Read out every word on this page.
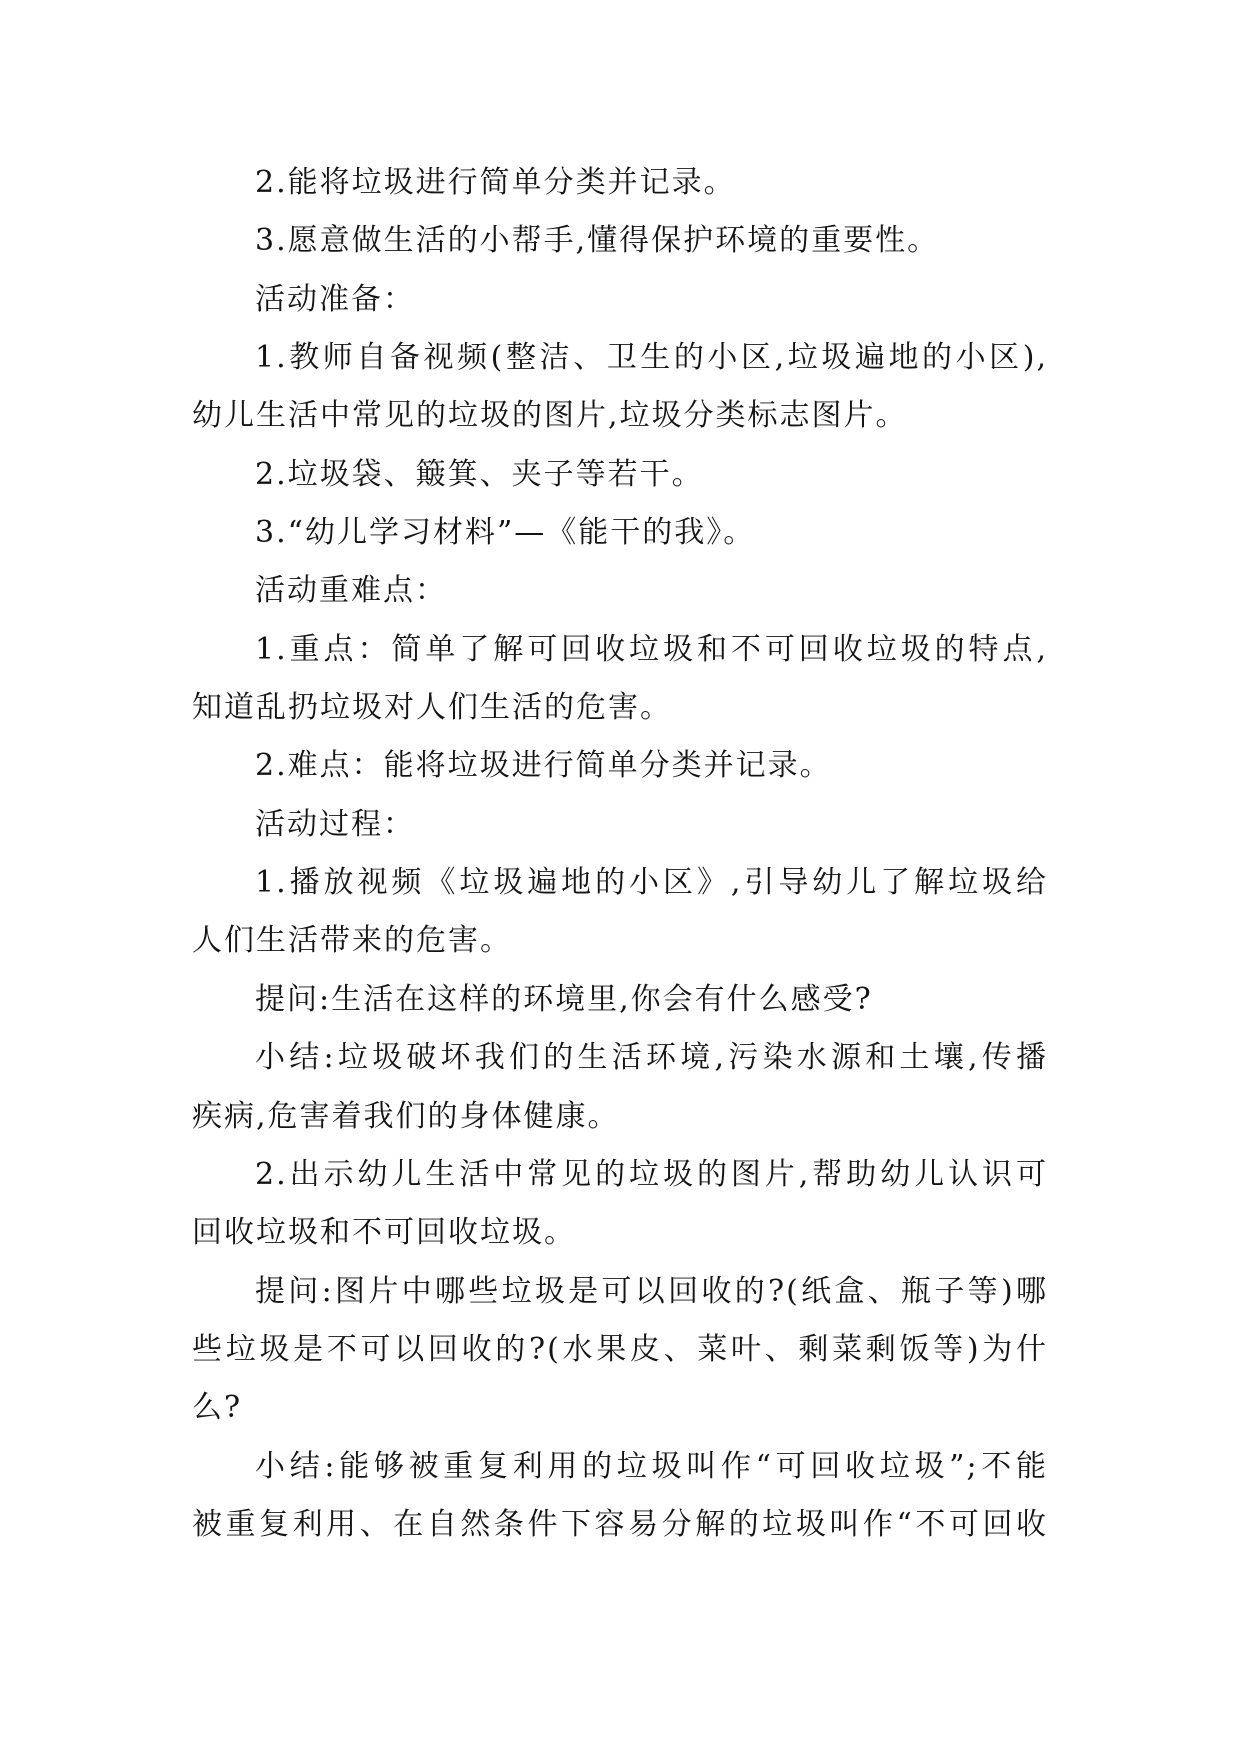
2.能将垃圾进行简单分类并记录。
3.愿意做生活的小帮手,懂得保护环境的重要性。
活动准备：
1.教师自备视频(整洁、卫生的小区,垃圾遍地的小区),
幼儿生活中常见的垃圾的图片,垃圾分类标志图片。
2.垃圾袋、簸箕、夹子等若干。
3.“幼儿学习材料”—《能干的我》。
活动重难点：
1.重点：简单了解可回收垃圾和不可回收垃圾的特点,
知道乱扔垃圾对人们生活的危害。
2.难点：能将垃圾进行简单分类并记录。
活动过程：
1.播放视频《垃圾遍地的小区》,引导幼儿了解垃圾给
人们生活带来的危害。
提问:生活在这样的环境里,你会有什么感受?
小结:垃圾破坏我们的生活环境,污染水源和土壤,传播
疾病,危害着我们的身体健康。
2.出示幼儿生活中常见的垃圾的图片,帮助幼儿认识可
回收垃圾和不可回收垃圾。
提问:图片中哪些垃圾是可以回收的?(纸盒、瓶子等)哪
些垃圾是不可以回收的?(水果皮、菜叶、剩菜剩饭等)为什
么?
小结:能够被重复利用的垃圾叫作“可回收垃圾”;不能
被重复利用、在自然条件下容易分解的垃圾叫作“不可回收
